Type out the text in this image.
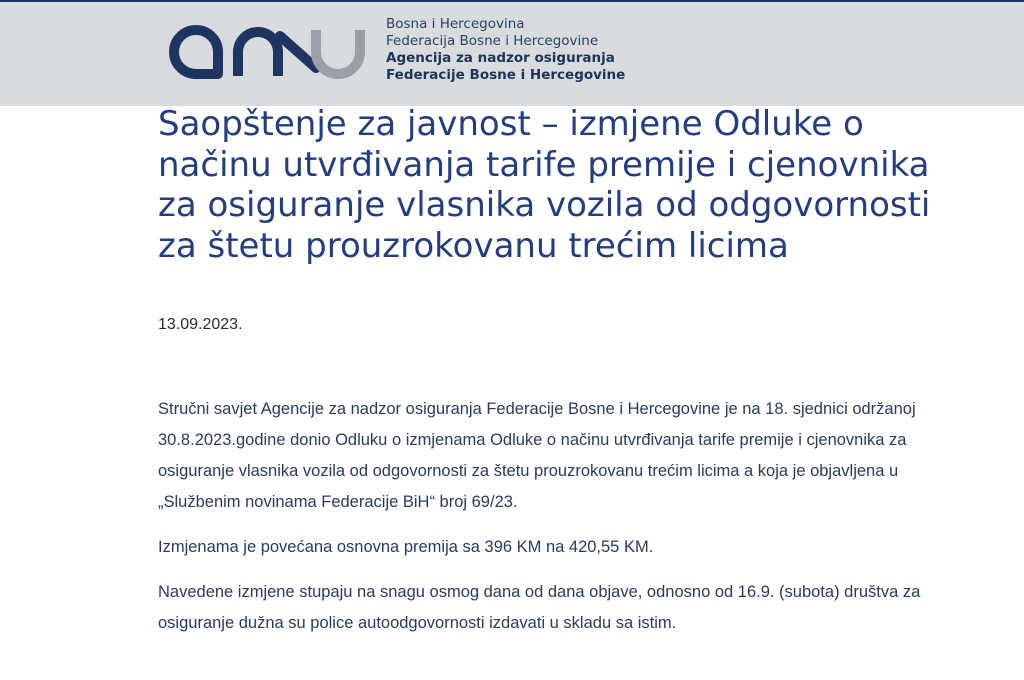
Bosna i Hercegovina
Federacija Bosne i Hercegovine
Agencija za nadzor osiguranja
Federacije Bosne i Hercegovine
Saopštenje za javnost – izmjene Odluke o načinu utvrđivanja tarife premije i cjenovnika za osiguranje vlasnika vozila od odgovornosti za štetu prouzrokovanu trećim licima
13.09.2023.

Stručni savjet Agencije za nadzor osiguranja Federacije Bosne i Hercegovine je na 18. sjednici održanoj 30.8.2023.godine donio Odluku o izmjenama Odluke o načinu utvrđivanja tarife premije i cjenovnika za osiguranje vlasnika vozila od odgovornosti za štetu prouzrokovanu trećim licima a koja je objavljena u „Službenim novinama Federacije BiH“ broj 69/23.

Izmjenama je povećana osnovna premija sa 396 KM na 420,55 KM.

Navedene izmjene stupaju na snagu osmog dana od dana objave, odnosno od 16.9. (subota) društva za osiguranje dužna su police autoodgovornosti izdavati u skladu sa istim.
